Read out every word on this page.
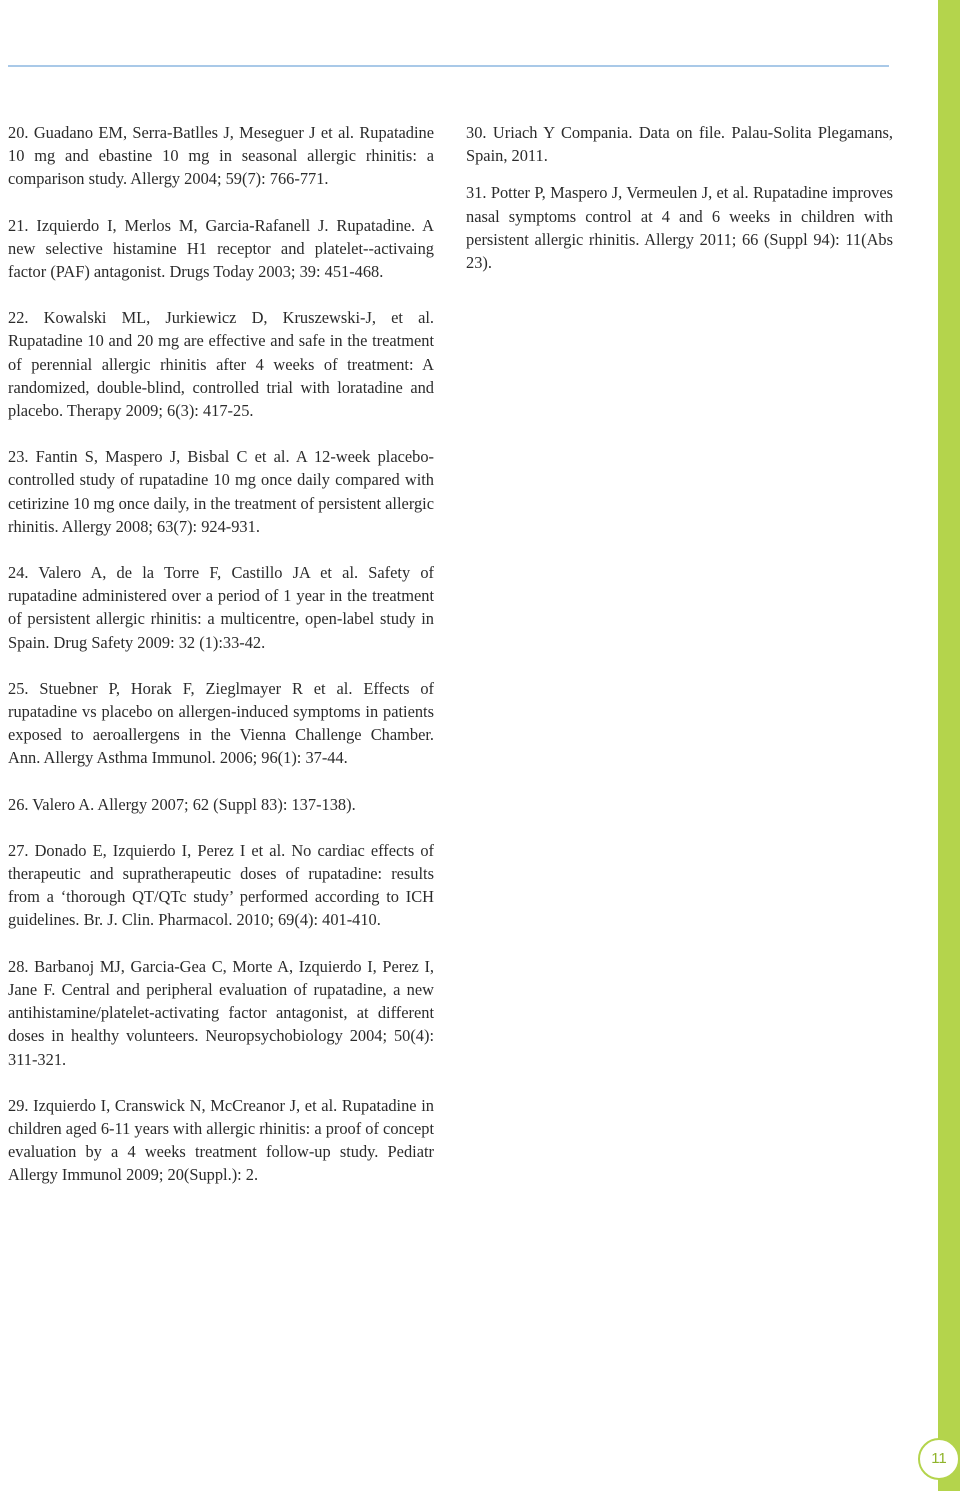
20. Guadano EM, Serra-Batlles J, Meseguer J et al. Rupatadine 10 mg and ebastine 10 mg in seasonal allergic rhinitis: a comparison study. Allergy 2004; 59(7): 766-771.

21. Izquierdo I, Merlos M, Garcia-Rafanell J. Rupatadine. A new selective histamine H1 receptor and platelet--activaing factor (PAF) antagonist. Drugs Today 2003; 39: 451-468.

22. Kowalski ML, Jurkiewicz D, Kruszewski-J, et al. Rupatadine 10 and 20 mg are effective and safe in the treatment of perennial allergic rhinitis after 4 weeks of treatment: A randomized, double-blind, controlled trial with loratadine and placebo. Therapy 2009; 6(3): 417-25.

23. Fantin S, Maspero J, Bisbal C et al. A 12-week placebo-controlled study of rupatadine 10 mg once daily compared with cetirizine 10 mg once daily, in the treatment of persistent allergic rhinitis. Allergy 2008; 63(7): 924-931.

24. Valero A, de la Torre F, Castillo JA et al. Safety of rupatadine administered over a period of 1 year in the treatment of persistent allergic rhinitis: a multicentre, open-label study in Spain. Drug Safety 2009: 32 (1):33-42.

25. Stuebner P, Horak F, Zieglmayer R et al. Effects of rupatadine vs placebo on allergen-induced symptoms in patients exposed to aeroallergens in the Vienna Challenge Chamber. Ann. Allergy Asthma Immunol. 2006; 96(1): 37-44.

26. Valero A. Allergy 2007; 62 (Suppl 83): 137-138).

27. Donado E, Izquierdo I, Perez I et al. No cardiac effects of therapeutic and supratherapeutic doses of rupatadine: results from a ‘thorough QT/QTc study’ performed according to ICH guidelines. Br. J. Clin. Pharmacol. 2010; 69(4): 401-410.

28. Barbanoj MJ, Garcia-Gea C, Morte A, Izquierdo I, Perez I, Jane F. Central and peripheral evaluation of rupatadine, a new antihistamine/platelet-activating factor antagonist, at different doses in healthy volunteers. Neuropsychobiology 2004; 50(4): 311-321.

29. Izquierdo I, Cranswick N, McCreanor J, et al. Rupatadine in children aged 6-11 years with allergic rhinitis: a proof of concept evaluation by a 4 weeks treatment follow-up study. Pediatr Allergy Immunol 2009; 20(Suppl.): 2.

30. Uriach Y Compania. Data on file. Palau-Solita Plegamans, Spain, 2011.

31. Potter P, Maspero J, Vermeulen J, et al. Rupatadine improves nasal symptoms control at 4 and 6 weeks in children with persistent allergic rhinitis. Allergy 2011; 66 (Suppl 94): 11(Abs 23).

11
